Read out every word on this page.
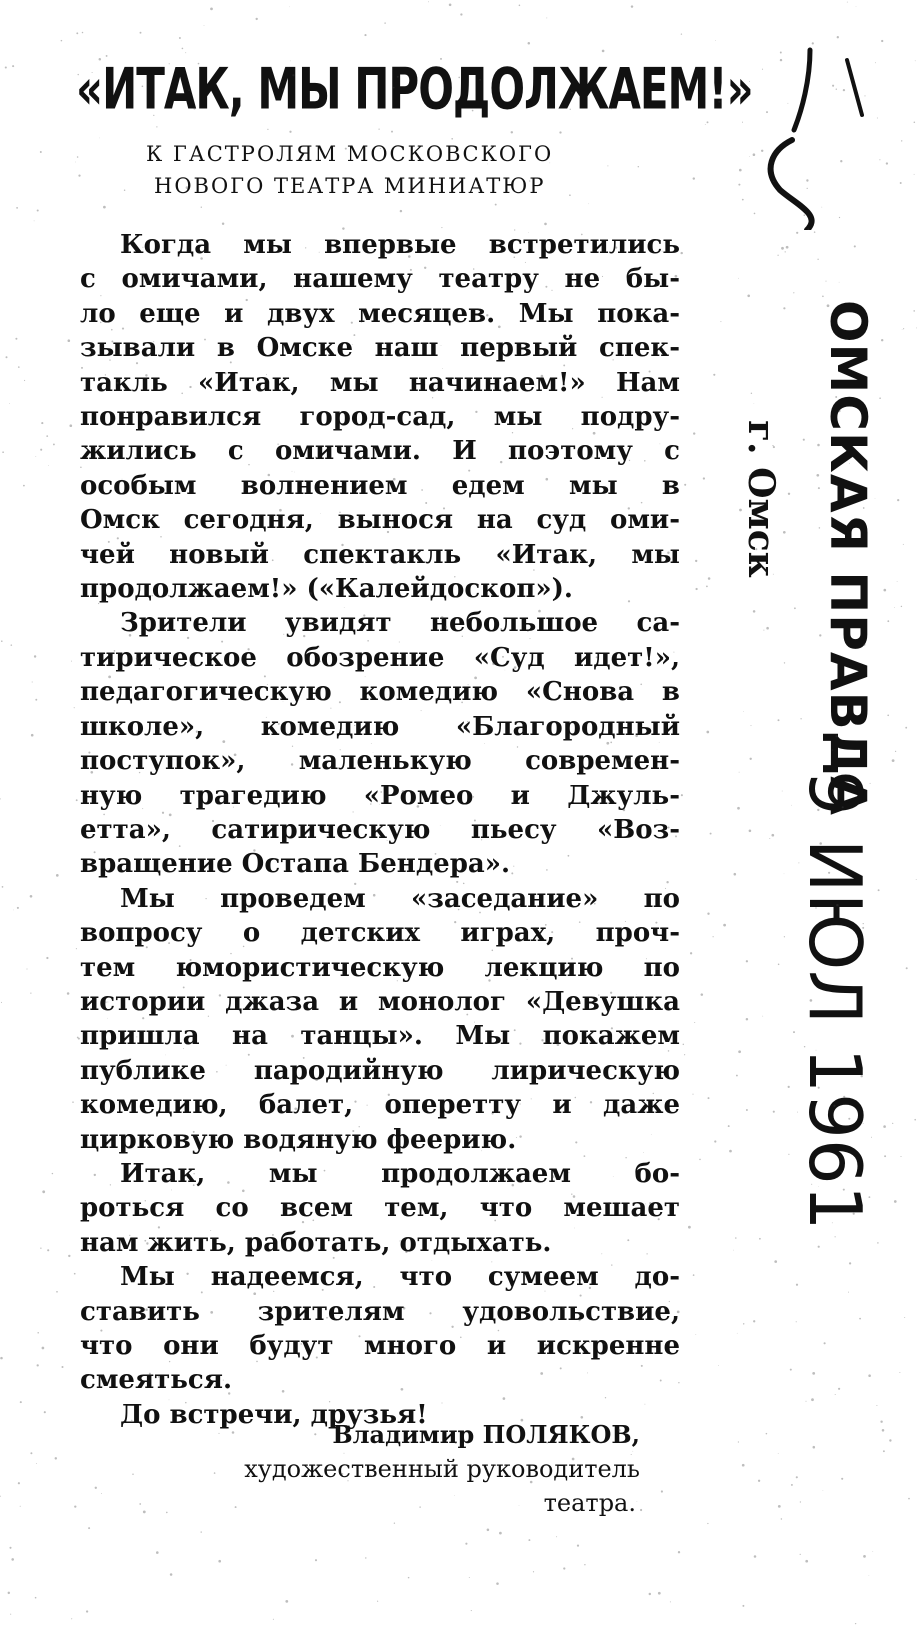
«ИТАК, МЫ ПРОДОЛЖАЕМ!»
К ГАСТРОЛЯМ МОСКОВСКОГО
НОВОГО ТЕАТРА МИНИАТЮР
Когда мы впервые встретились
с омичами, нашему театру не бы-
ло еще и двух месяцев. Мы пока-
зывали в Омске наш первый спек-
такль «Итак, мы начинаем!» Нам
понравился город-сад, мы подру-
жились с омичами. И поэтому с
особым волнением едем мы в
Омск сегодня, вынося на суд оми-
чей новый спектакль «Итак, мы
продолжаем!» («Калейдоскоп»).
Зрители увидят небольшое са-
тирическое обозрение «Суд идет!»,
педагогическую комедию «Снова в
школе», комедию «Благородный
поступок», маленькую современ-
ную трагедию «Ромео и Джуль-
етта», сатирическую пьесу «Воз-
вращение Остапа Бендера».
Мы проведем «заседание» по
вопросу о детских играх, проч-
тем юмористическую лекцию по
истории джаза и монолог «Девушка
пришла на танцы». Мы покажем
публике пародийную лирическую
комедию, балет, оперетту и даже
цирковую водяную феерию.
Итак, мы продолжаем бо-
роться со всем тем, что мешает
нам жить, работать, отдыхать.
Мы надеемся, что сумеем до-
ставить зрителям удовольствие,
что они будут много и искренне
смеяться.
До встречи, друзья!
Владимир ПОЛЯКОВ,
художественный руководитель
театра.
ОМСКАЯ ПРАВДА
г. Омск
9 ИЮЛ 1961
